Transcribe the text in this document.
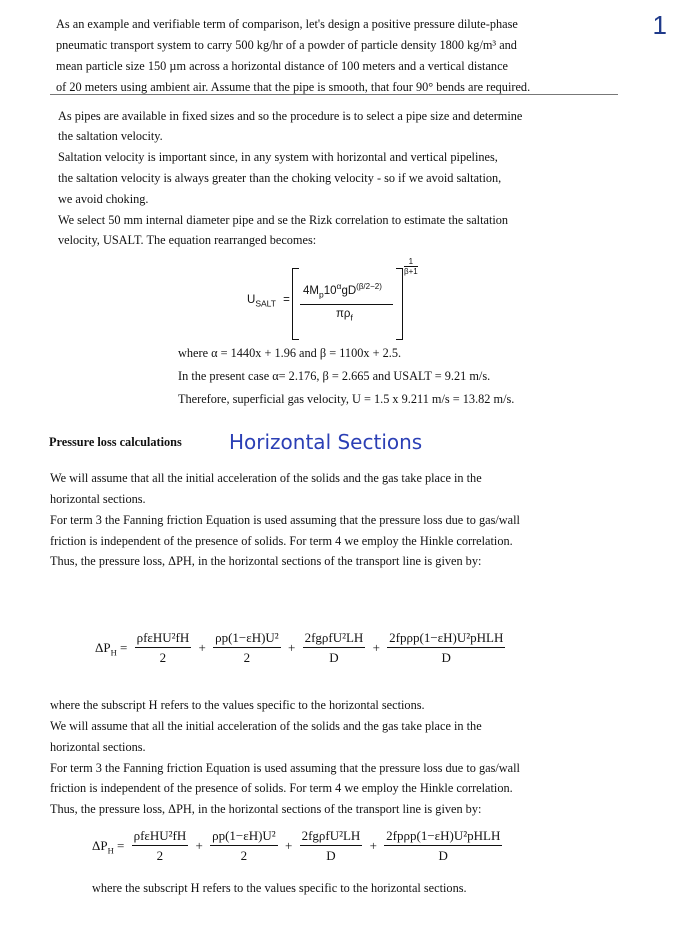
1

As an example and verifiable term of comparison, let's design a positive pressure dilute-phase

pneumatic transport system to carry 500 kg/hr of a powder of particle density 1800 kg/m³ and

mean particle size 150 µm across a horizontal distance of 100 meters and a vertical distance

of 20 meters using ambient air. Assume that the pipe is smooth, that four 90° bends are required.

As pipes are available in fixed sizes and so the procedure is to select a pipe size and determine

the saltation velocity.

Saltation velocity is important since, in any system with horizontal and vertical pipelines,

the saltation velocity is always greater than the choking velocity - so if we avoid saltation,

we avoid choking.

We select 50 mm internal diameter pipe and se the Rizk correlation to estimate the saltation

velocity, USALT. The equation rearranged becomes:

$U_{SALT}$ =
$4M_p10^\alpha gD^{(\beta/2-2)}$
$\pi\rho_f$
1
β+1

where α = 1440x + 1.96 and β = 1100x + 2.5.

In the present case α= 2.176, β = 2.665 and USALT = 9.21 m/s.

Therefore, superficial gas velocity, U = 1.5 x 9.211 m/s = 13.82 m/s.

Pressure loss calculations Horizontal Sections

We will assume that all the initial acceleration of the solids and the gas take place in the

horizontal sections.

For term 3 the Fanning friction Equation is used assuming that the pressure loss due to gas/wall

friction is independent of the presence of solids. For term 4 we employ the Hinkle correlation.

Thus, the pressure loss, ΔPH, in the horizontal sections of the transport line is given by:

$\Delta P_H = \frac{\text{ρfεHU²fH}}{2} + \frac{\text{ρp(1−εH)U²}}{2} + \frac{\text{2fgρfU²LH}}{D} + \frac{\text{2fpρp(1−εH)U²pHLH}}{D}$

where the subscript H refers to the values specific to the horizontal sections.

We will assume that all the initial acceleration of the solids and the gas take place in the

horizontal sections.

For term 3 the Fanning friction Equation is used assuming that the pressure loss due to gas/wall

friction is independent of the presence of solids. For term 4 we employ the Hinkle correlation.

Thus, the pressure loss, ΔPH, in the horizontal sections of the transport line is given by:

$\Delta P_H = \frac{\text{ρfεHU²fH}}{2} + \frac{\text{ρp(1−εH)U²}}{2} + \frac{\text{2fgρfU²LH}}{D} + \frac{\text{2fpρp(1−εH)U²pHLH}}{D}$

where the subscript H refers to the values specific to the horizontal sections.
